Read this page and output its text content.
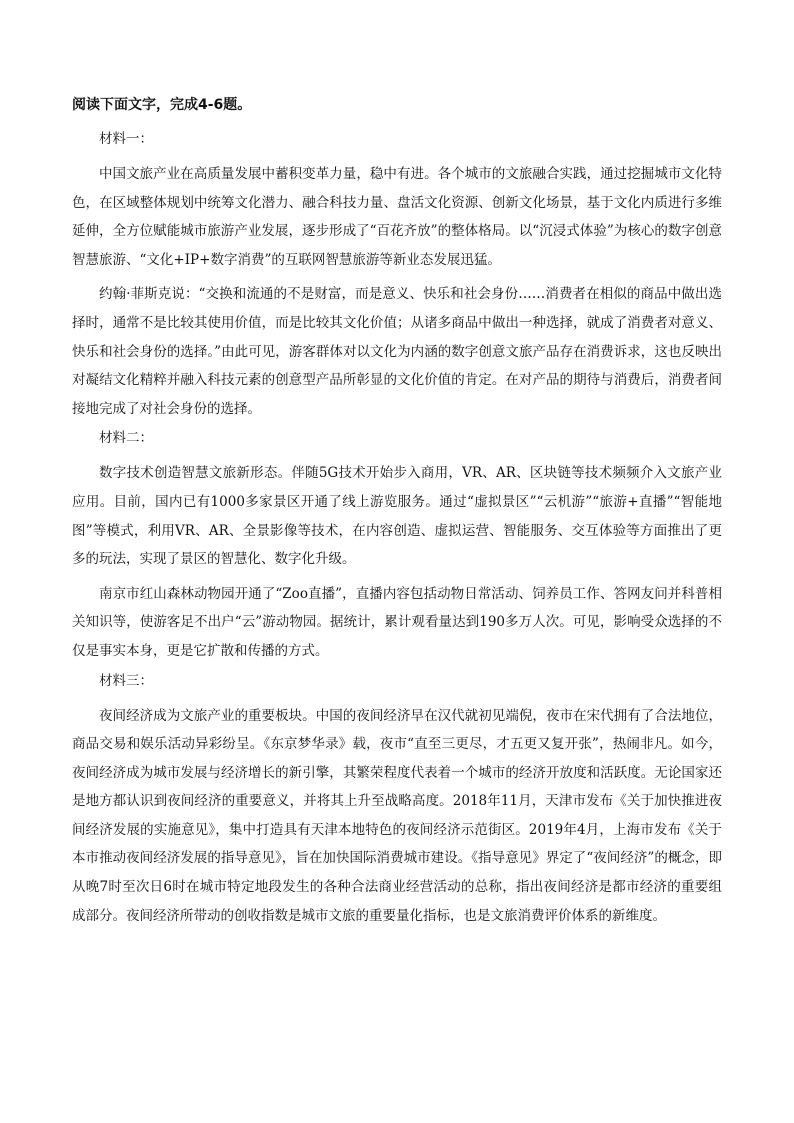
阅读下面文字，完成4-6题。

材料一：

中国文旅产业在高质量发展中蓄积变革力量，稳中有进。各个城市的文旅融合实践，通过挖掘城市文化特色，在区域整体规划中统筹文化潜力、融合科技力量、盘活文化资源、创新文化场景，基于文化内质进行多维延伸，全方位赋能城市旅游产业发展，逐步形成了“百花齐放”的整体格局。以“沉浸式体验”为核心的数字创意智慧旅游、“文化+IP+数字消费”的互联网智慧旅游等新业态发展迅猛。

约翰·菲斯克说：“交换和流通的不是财富，而是意义、快乐和社会身份……消费者在相似的商品中做出选择时，通常不是比较其使用价值，而是比较其文化价值；从诸多商品中做出一种选择，就成了消费者对意义、快乐和社会身份的选择。”由此可见，游客群体对以文化为内涵的数字创意文旅产品存在消费诉求，这也反映出对凝结文化精粹并融入科技元素的创意型产品所彰显的文化价值的肯定。在对产品的期待与消费后，消费者间接地完成了对社会身份的选择。

材料二：

数字技术创造智慧文旅新形态。伴随5G技术开始步入商用，VR、AR、区块链等技术频频介入文旅产业应用。目前，国内已有1000多家景区开通了线上游览服务。通过“虚拟景区”“云机游”“旅游+直播”“智能地图”等模式，利用VR、AR、全景影像等技术，在内容创造、虚拟运营、智能服务、交互体验等方面推出了更多的玩法，实现了景区的智慧化、数字化升级。

南京市红山森林动物园开通了“Zoo直播”，直播内容包括动物日常活动、饲养员工作、答网友问并科普相关知识等，使游客足不出户“云”游动物园。据统计，累计观看量达到190多万人次。可见，影响受众选择的不仅是事实本身，更是它扩散和传播的方式。

材料三：

夜间经济成为文旅产业的重要板块。中国的夜间经济早在汉代就初见端倪，夜市在宋代拥有了合法地位，商品交易和娱乐活动异彩纷呈。《东京梦华录》载，夜市“直至三更尽，才五更又复开张”，热闹非凡。如今，夜间经济成为城市发展与经济增长的新引擎，其繁荣程度代表着一个城市的经济开放度和活跃度。无论国家还是地方都认识到夜间经济的重要意义，并将其上升至战略高度。2018年11月，天津市发布《关于加快推进夜间经济发展的实施意见》，集中打造具有天津本地特色的夜间经济示范街区。2019年4月，上海市发布《关于本市推动夜间经济发展的指导意见》，旨在加快国际消费城市建设。《指导意见》界定了“夜间经济”的概念，即从晚7时至次日6时在城市特定地段发生的各种合法商业经营活动的总称，指出夜间经济是都市经济的重要组成部分。夜间经济所带动的创收指数是城市文旅的重要量化指标，也是文旅消费评价体系的新维度。
